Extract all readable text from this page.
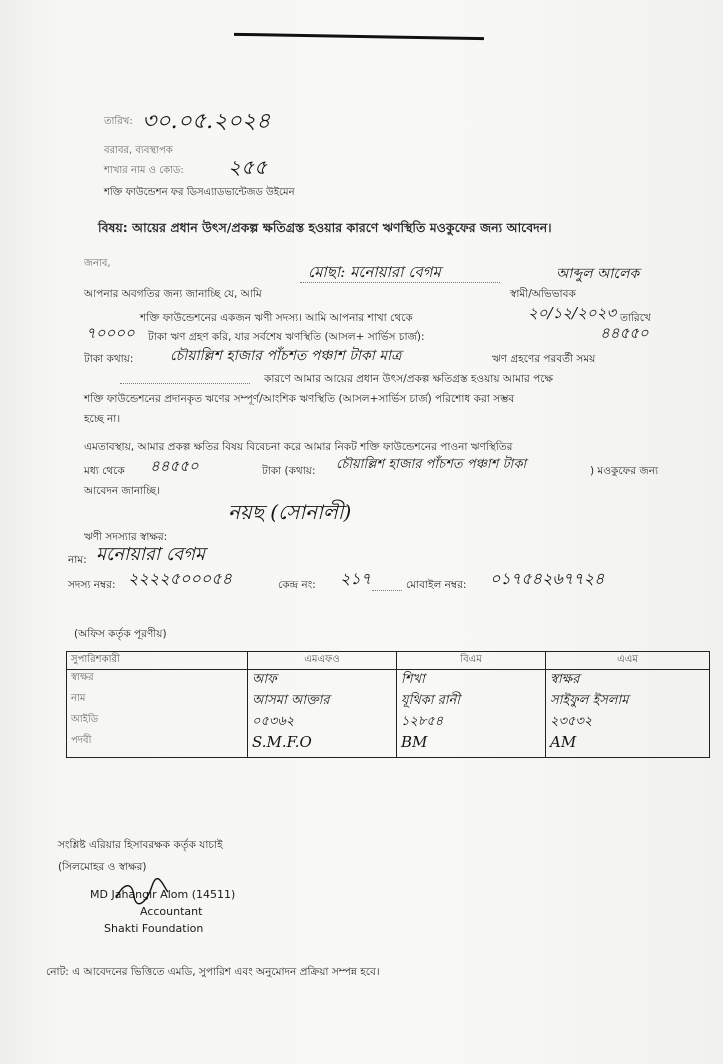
তারিখ: ৩০.০৫.২০২৪
বরাবর, ব্যবস্থাপক
শাখার নাম ও কোড: ২৫৫
শক্তি ফাউন্ডেশন ফর ডিসএ্যাডভান্টেজড উইমেন
বিষয়: আয়ের প্রধান উৎস/প্রকল্প ক্ষতিগ্রস্ত হওয়ার কারণে ঋণস্থিতি মওকুফের জন্য আবেদন।
জনাব,
আপনার অবগতির জন্য জানাচ্ছি যে, আমি
মোছা: মনোয়ারা বেগম
স্বামী/অভিভাবক
আব্দুল আলেক
শক্তি ফাউন্ডেশনের একজন ঋণী সদস্য। আমি আপনার শাখা থেকে	২০/১২/২০২৩ তারিখে
৭০০০০ টাকা ঋণ গ্রহণ করি, যার সর্বশেষ ঋণস্থিতি (আসল+ সার্ভিস চার্জ):	৪৪৫৫০
টাকা কথায়:	চৌয়াল্লিশ হাজার পাঁচশত পঞ্চাশ টাকা মাত্র	ঋণ গ্রহণের পরবর্তী সময়
কারণে আমার আয়ের প্রধান উৎস/প্রকল্প ক্ষতিগ্রস্ত হওয়ায় আমার পক্ষে
শক্তি ফাউন্ডেশনের প্রদানকৃত ঋণের সম্পূর্ণ/আংশিক ঋণস্থিতি (আসল+সার্ভিস চার্জ) পরিশোধ করা সম্ভব
হচ্ছে না।
এমতাবস্থায়, আমার প্রকল্প ক্ষতির বিষয় বিবেচনা করে আমার নিকট শক্তি ফাউন্ডেশনের পাওনা ঋণস্থিতির
মধ্য থেকে ৪৪৫৫০	টাকা (কথায়: চৌয়াল্লিশ হাজার পাঁচশত পঞ্চাশ টাকা	) মওকুফের জন্য
আবেদন জানাচ্ছি।
নয়ছ (সোনালী)
ঋণী সদস্যার স্বাক্ষর:
নাম: মনোয়ারা বেগম
সদস্য নম্বর: ২২২২৫০০০৫৪	কেন্দ্র নং: ২১৭	মোবাইল নম্বর: ০১৭৫৪২৬৭৭২৪
(অফিস কর্তৃক পূরণীয়)
সুপারিশকারী	এমএফও	বিএম	এএম
স্বাক্ষর	আফ	শিখা	স্বাক্ষর
নাম	আসমা আক্তার	যূথিকা রানী	সাইফুল ইসলাম
আইডি	০৫৩৬২	১২৮৫৪	২৩৫৩২
পদবী	S.M.F.O	BM	AM
সংশ্লিষ্ট এরিয়ার হিসাবরক্ষক কর্তৃক যাচাই
(সিলমোহর ও স্বাক্ষর)
MD Jahangir Alom (14511)
Accountant
Shakti Foundation
নোট: এ আবেদনের ভিত্তিতে এমডি, সুপারিশ এবং অনুমোদন প্রক্রিয়া সম্পন্ন হবে।
